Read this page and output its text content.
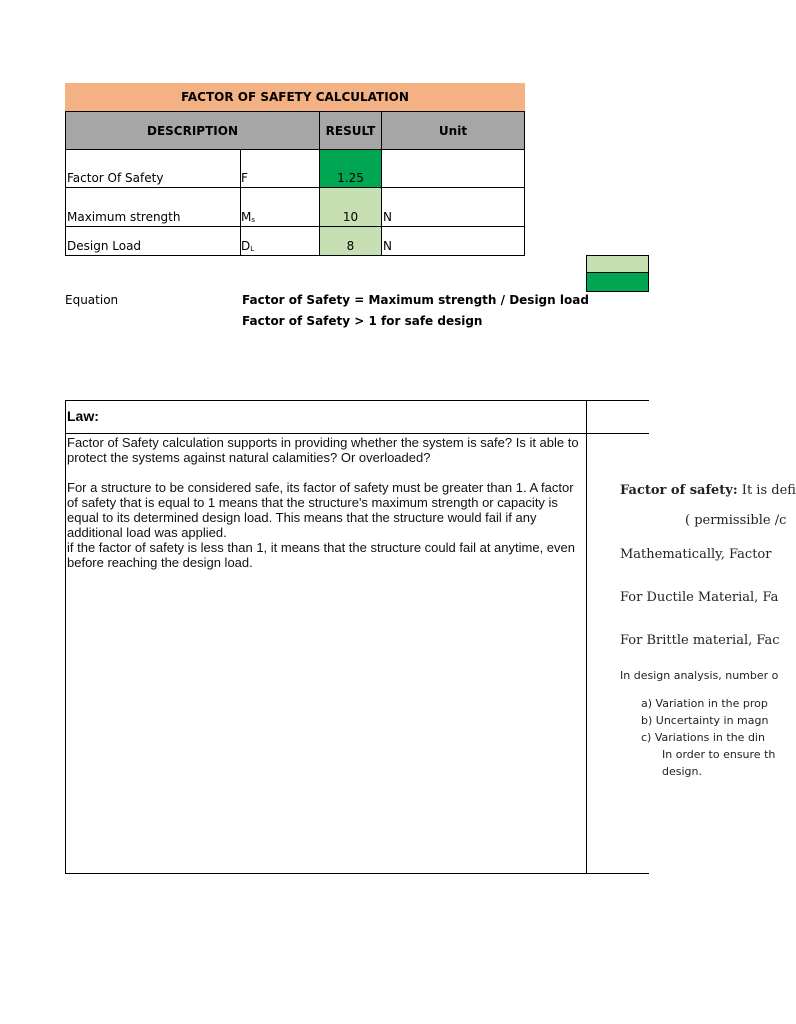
FACTOR OF SAFETY CALCULATION
DESCRIPTION	RESULT	Unit
Factor Of Safety	F	1.25
Maximum strength	$M_s$	10	N
Design Load	$D_L$	8	N
Equation	Factor of Safety = Maximum strength / Design load
Factor of Safety > 1 for safe design
Law:
Factor of Safety calculation supports in providing whether the system is safe? Is it able to protect the systems against natural calamities? Or overloaded?
For a structure to be considered safe, its factor of safety must be greater than 1. A factor of safety that is equal to 1 means that the structure's maximum strength or capacity is equal to its determined design load. This means that the structure would fail if any additional load was applied.
if the factor of safety is less than 1, it means that the structure could fail at anytime, even before reaching the design load.
Factor of safety: It is defi
( permissible /c
Mathematically, Factor
For Ductile Material, Fa
For Brittle material, Fac
In design analysis, number o
a) Variation in the prop
b) Uncertainty in magn
c) Variations in the din
In order to ensure th
design.
